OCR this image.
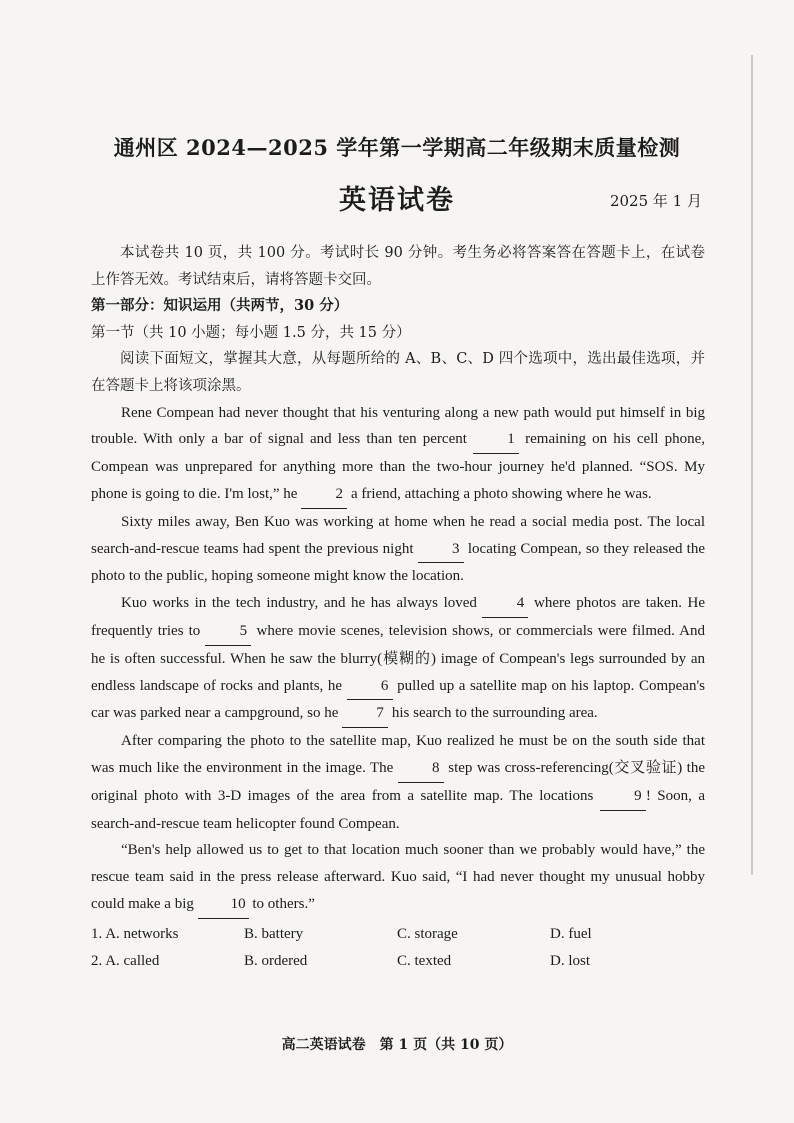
通州区 2024—2025 学年第一学期高二年级期末质量检测
英语试卷	2025 年 1 月

本试卷共 10 页，共 100 分。考试时长 90 分钟。考生务必将答案答在答题卡上，在试卷上作答无效。考试结束后，请将答题卡交回。

第一部分：知识运用（共两节，30 分）

第一节（共 10 小题；每小题 1.5 分，共 15 分）

阅读下面短文，掌握其大意，从每题所给的 A、B、C、D 四个选项中，选出最佳选项，并在答题卡上将该项涂黑。

Rene Compean had never thought that his venturing along a new path would put himself in big trouble. With only a bar of signal and less than ten percent	1 remaining on his cell phone, Compean was unprepared for anything more than the two-hour journey he'd planned. “SOS. My phone is going to die. I'm lost,” he	2 a friend, attaching a photo showing where he was.

Sixty miles away, Ben Kuo was working at home when he read a social media post. The local search-and-rescue teams had spent the previous night	3 locating Compean, so they released the photo to the public, hoping someone might know the location.

Kuo works in the tech industry, and he has always loved	4 where photos are taken. He frequently tries to	5 where movie scenes, television shows, or commercials were filmed. And he is often successful. When he saw the blurry(模糊的) image of Compean's legs surrounded by an endless landscape of rocks and plants, he	6 pulled up a satellite map on his laptop. Compean's car was parked near a campground, so he	7 his search to the surrounding area.

After comparing the photo to the satellite map, Kuo realized he must be on the south side that was much like the environment in the image. The	8 step was cross-referencing(交叉验证) the original photo with 3-D images of the area from a satellite map. The locations	9 ! Soon, a search-and-rescue team helicopter found Compean.

“Ben's help allowed us to get to that location much sooner than we probably would have,” the rescue team said in the press release afterward. Kuo said, “I had never thought my unusual hobby could make a big 10 to others.”

1. A. networks	B. battery	C. storage	D. fuel
2. A. called	B. ordered	C. texted	D. lost
高二英语试卷　第 1 页（共 10 页）
